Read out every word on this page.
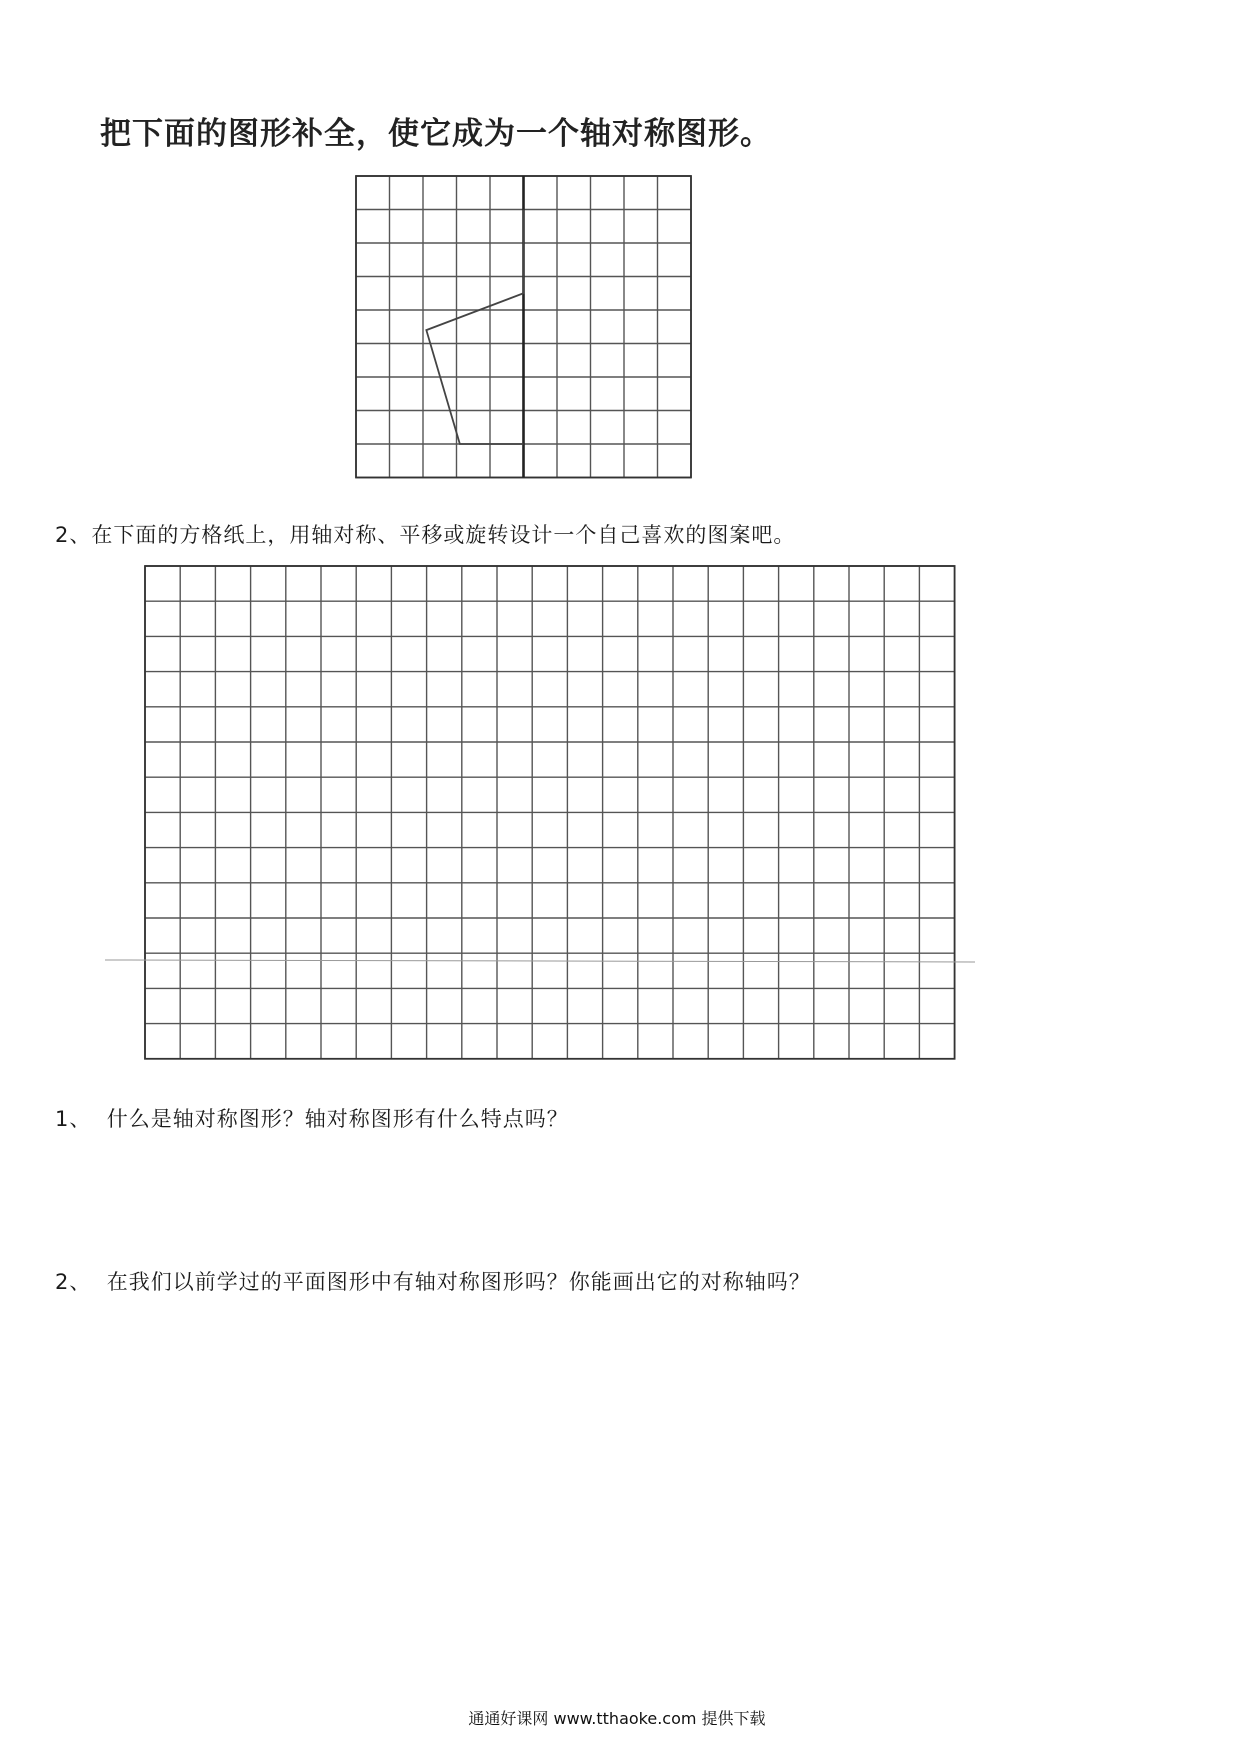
把下面的图形补全，使它成为一个轴对称图形。
2、在下面的方格纸上，用轴对称、平移或旋转设计一个自己喜欢的图案吧。
1、 什么是轴对称图形？轴对称图形有什么特点吗？
2、 在我们以前学过的平面图形中有轴对称图形吗？你能画出它的对称轴吗？
通通好课网 www.tthaoke.com 提供下载
